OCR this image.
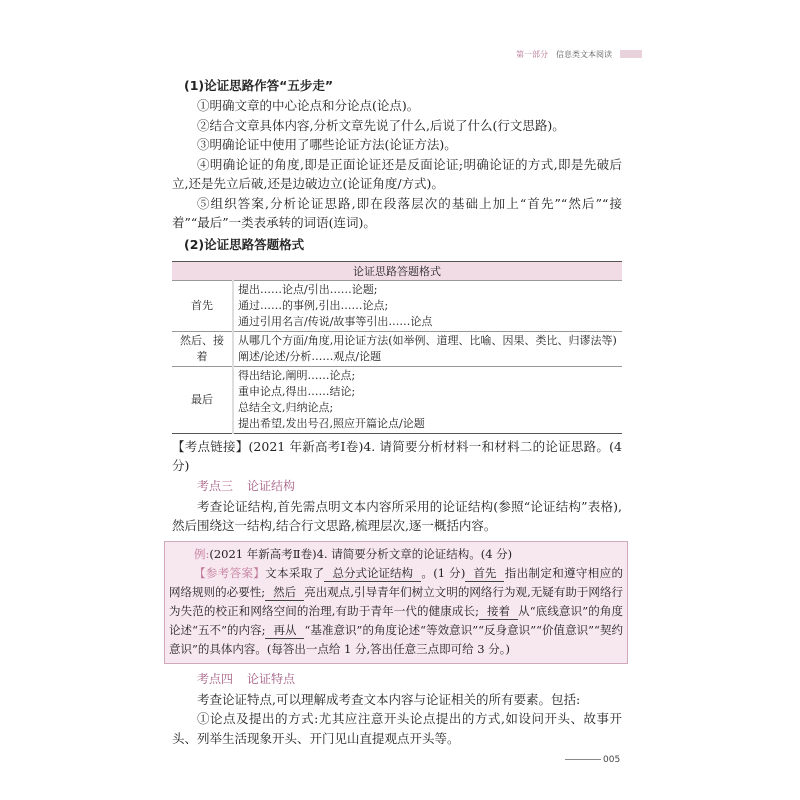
第一部分 信息类文本阅读
(1)论证思路作答“五步走”

①明确文章的中心论点和分论点(论点)。

②结合文章具体内容,分析文章先说了什么,后说了什么(行文思路)。

③明确论证中使用了哪些论证方法(论证方法)。

④明确论证的角度,即是正面论证还是反面论证;明确论证的方式,即是先破后立,还是先立后破,还是边破边立(论证角度/方式)。

⑤组织答案,分析论证思路,即在段落层次的基础上加上“首先”“然后”“接着”“最后”一类表承转的词语(连词)。

(2)论证思路答题格式
论证思路答题格式	
首先	提出……论点/引出……论题;
通过……的事例,引出……论点;
通过引用名言/传说/故事等引出……论点

然后、接着	从哪几个方面/角度,用论证方法(如举例、道理、比喻、因果、类比、归谬法等)阐述/论述/分析……观点/论题

最后	得出结论,阐明……论点;
重申论点,得出……结论;
总结全文,归纳论点;
提出希望,发出号召,照应开篇论点/论题

【考点链接】(2021 年新高考Ⅰ卷)4. 请简要分析材料一和材料二的论证思路。(4 分)

考点三 论证结构

考查论证结构,首先需点明文本内容所采用的论证结构(参照“论证结构”表格),然后围绕这一结构,结合行文思路,梳理层次,逐一概括内容。

例:(2021 年新高考Ⅱ卷)4. 请简要分析文章的论证结构。(4 分)

【参考答案】文本采取了 总分式论证结构 。(1 分) 首先 指出制定和遵守相应的网络规则的必要性; 然后 亮出观点,引导青年们树立文明的网络行为观,无疑有助于网络行为失范的校正和网络空间的治理,有助于青年一代的健康成长; 接着 从“底线意识”的角度论述“五不”的内容; 再从 “基准意识”的角度论述“等效意识”“反身意识”“价值意识”“契约意识”的具体内容。(每答出一点给 1 分,答出任意三点即可给 3 分。)

考点四 论证特点

考查论证特点,可以理解成考查文本内容与论证相关的所有要素。包括:

①论点及提出的方式:尤其应注意开头论点提出的方式,如设问开头、故事开头、列举生活现象开头、开门见山直提观点开头等。

005
